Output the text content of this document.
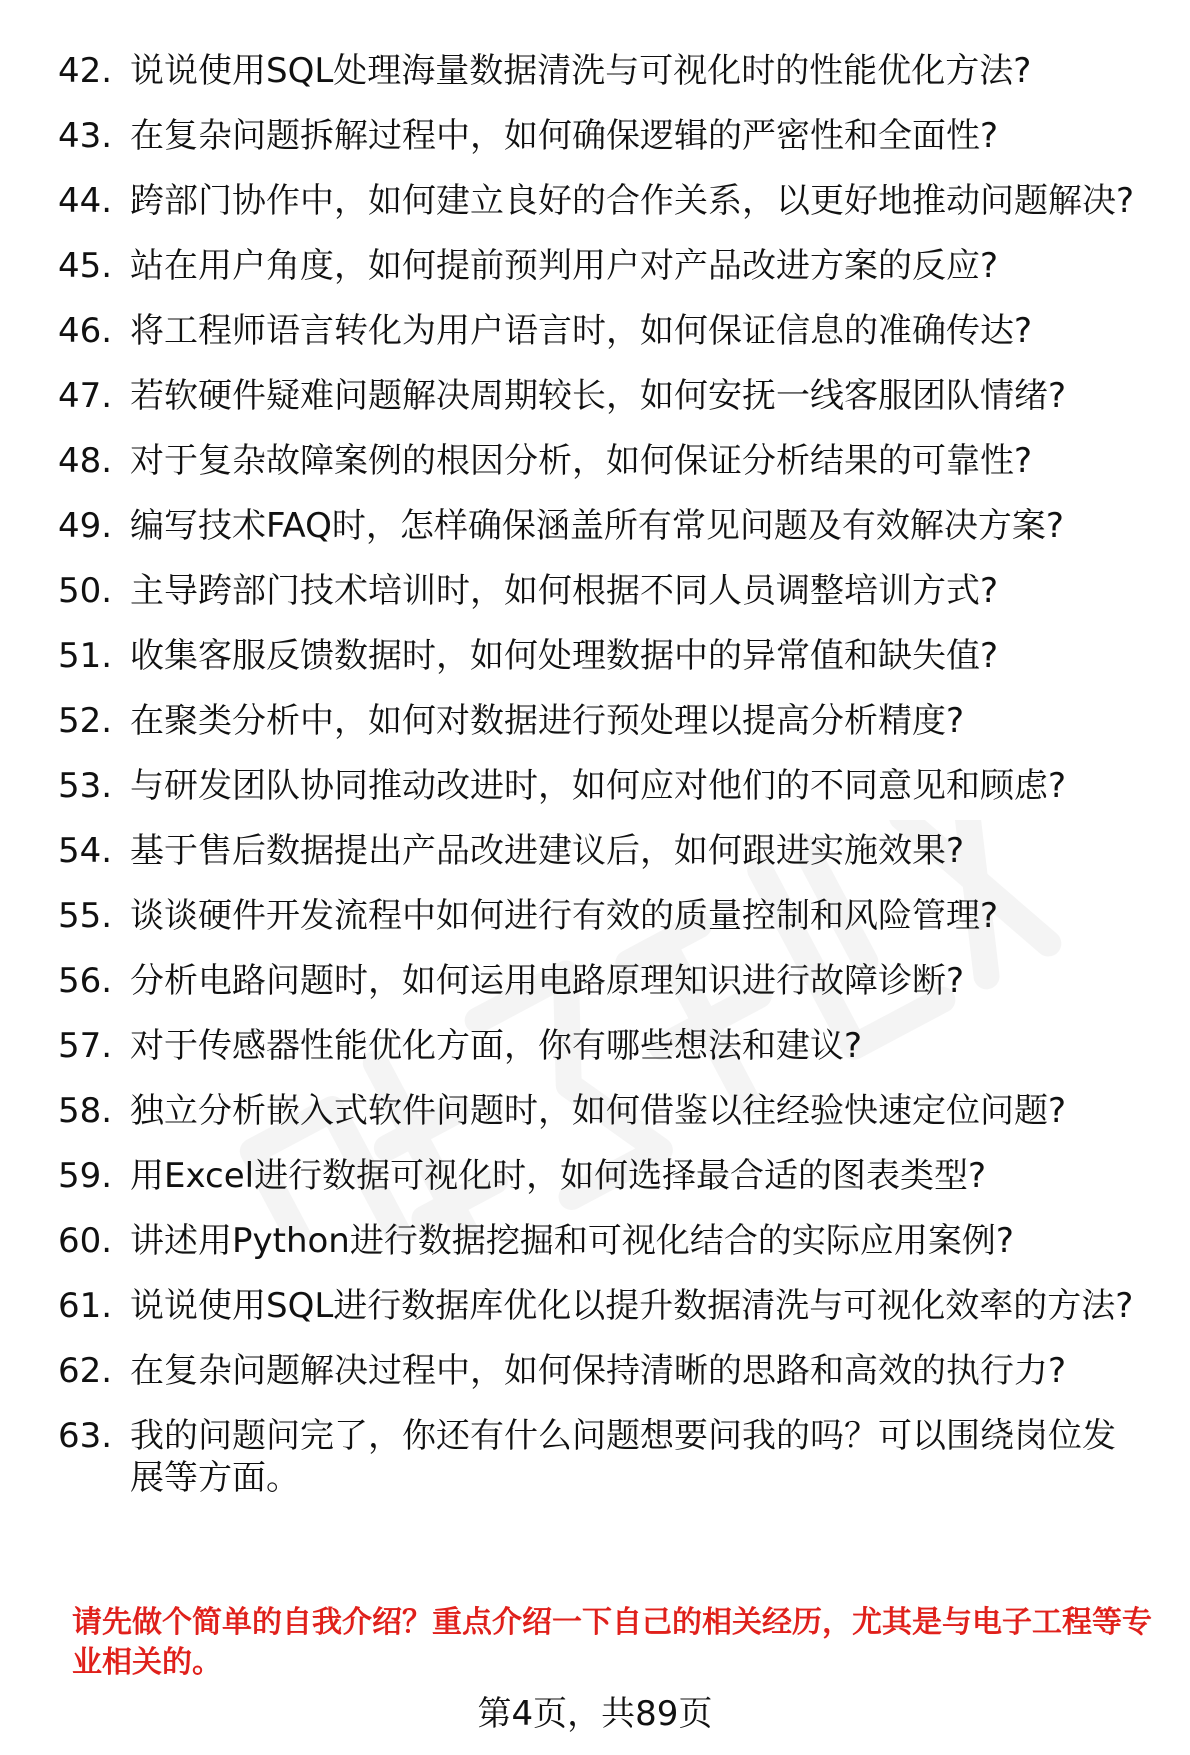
42. 说说使用SQL处理海量数据清洗与可视化时的性能优化方法?
43. 在复杂问题拆解过程中，如何确保逻辑的严密性和全面性?
44. 跨部门协作中，如何建立良好的合作关系，以更好地推动问题解决?
45. 站在用户角度，如何提前预判用户对产品改进方案的反应?
46. 将工程师语言转化为用户语言时，如何保证信息的准确传达?
47. 若软硬件疑难问题解决周期较长，如何安抚一线客服团队情绪?
48. 对于复杂故障案例的根因分析，如何保证分析结果的可靠性?
49. 编写技术FAQ时，怎样确保涵盖所有常见问题及有效解决方案?
50. 主导跨部门技术培训时，如何根据不同人员调整培训方式?
51. 收集客服反馈数据时，如何处理数据中的异常值和缺失值?
52. 在聚类分析中，如何对数据进行预处理以提高分析精度?
53. 与研发团队协同推动改进时，如何应对他们的不同意见和顾虑?
54. 基于售后数据提出产品改进建议后，如何跟进实施效果?
55. 谈谈硬件开发流程中如何进行有效的质量控制和风险管理?
56. 分析电路问题时，如何运用电路原理知识进行故障诊断?
57. 对于传感器性能优化方面，你有哪些想法和建议?
58. 独立分析嵌入式软件问题时，如何借鉴以往经验快速定位问题?
59. 用Excel进行数据可视化时，如何选择最合适的图表类型?
60. 讲述用Python进行数据挖掘和可视化结合的实际应用案例?
61. 说说使用SQL进行数据库优化以提升数据清洗与可视化效率的方法?
62. 在复杂问题解决过程中，如何保持清晰的思路和高效的执行力?
63. 我的问题问完了，你还有什么问题想要问我的吗？可以围绕岗位发展等方面。
请先做个简单的自我介绍？重点介绍一下自己的相关经历，尤其是与电子工程等专业相关的。
第4页，共89页
